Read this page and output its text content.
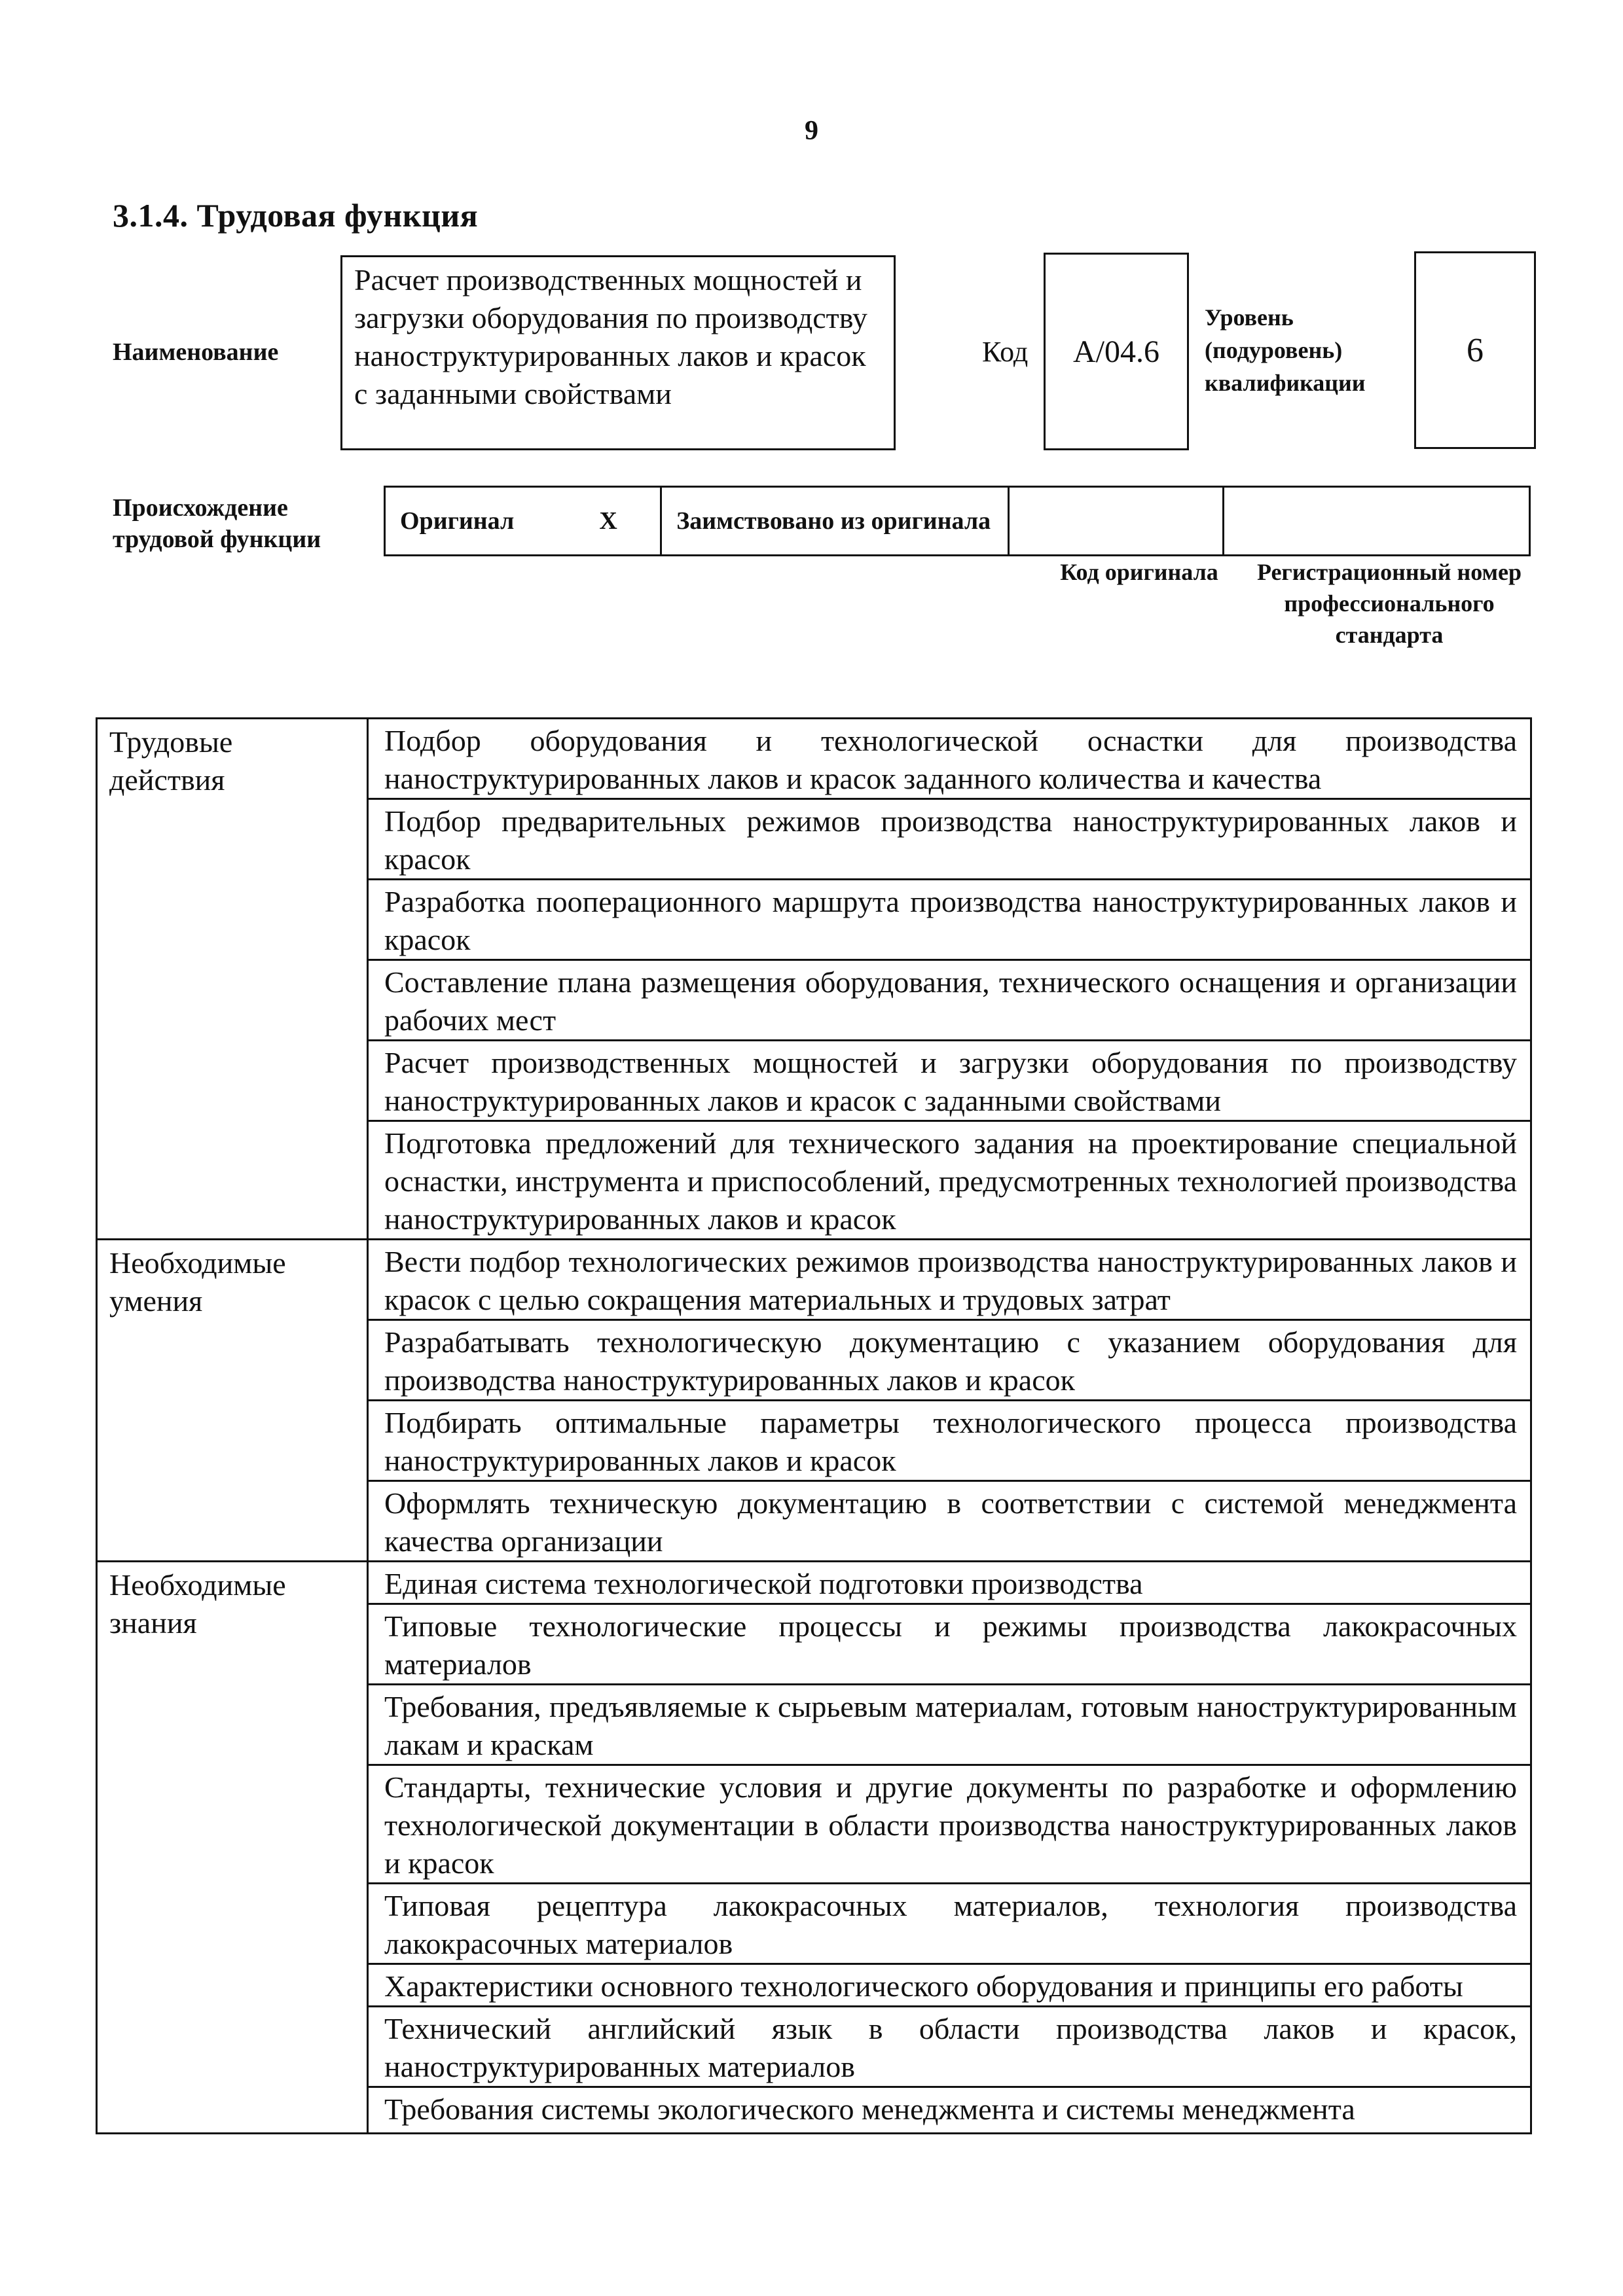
9
3.1.4. Трудовая функция
Наименование
Расчет производственных мощностей и загрузки оборудования по производству наноструктурированных лаков и красок с заданными свойствами
Код	A/04.6
Уровень (подуровень) квалификации
6
Происхождение трудовой функции
Оригинал	X	Заимствовано из оригинала		
Код оригинала	Регистрационный номер профессионального стандарта
Трудовые действия	Подбор оборудования и технологической оснастки для производства наноструктурированных лаков и красок заданного количества и качества
	Подбор предварительных режимов производства наноструктурированных лаков и красок
	Разработка пооперационного маршрута производства наноструктурированных лаков и красок
	Составление плана размещения оборудования, технического оснащения и организации рабочих мест
	Расчет производственных мощностей и загрузки оборудования по производству наноструктурированных лаков и красок с заданными свойствами
	Подготовка предложений для технического задания на проектирование специальной оснастки, инструмента и приспособлений, предусмотренных технологией производства наноструктурированных лаков и красок
Необходимые умения	Вести подбор технологических режимов производства наноструктурированных лаков и красок с целью сокращения материальных и трудовых затрат
	Разрабатывать технологическую документацию с указанием оборудования для производства наноструктурированных лаков и красок
	Подбирать оптимальные параметры технологического процесса производства наноструктурированных лаков и красок
	Оформлять техническую документацию в соответствии с системой менеджмента качества организации
Необходимые знания	Единая система технологической подготовки производства
	Типовые технологические процессы и режимы производства лакокрасочных материалов
	Требования, предъявляемые к сырьевым материалам, готовым наноструктурированным лакам и краскам
	Стандарты, технические условия и другие документы по разработке и оформлению технологической документации в области производства наноструктурированных лаков и красок
	Типовая рецептура лакокрасочных материалов, технология производства лакокрасочных материалов
	Характеристики основного технологического оборудования и принципы его работы
	Технический английский язык в области производства лаков и красок, наноструктурированных материалов
	Требования системы экологического менеджмента и системы менеджмента
